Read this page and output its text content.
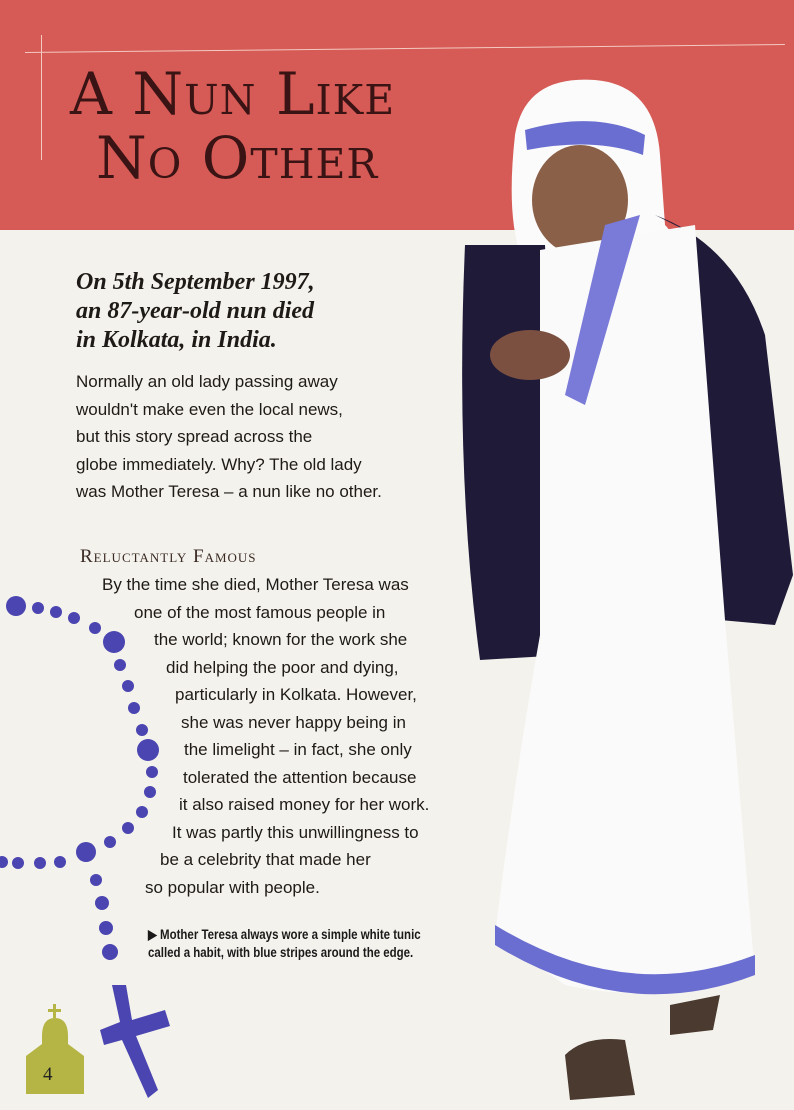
A Nun Like
No Other
On 5th September 1997,
an 87-year-old nun died
in Kolkata, in India.
Normally an old lady passing away
wouldn't make even the local news,
but this story spread across the
globe immediately. Why? The old lady
was Mother Teresa – a nun like no other.
Reluctantly Famous
By the time she died, Mother Teresa was
one of the most famous people in
the world; known for the work she
did helping the poor and dying,
particularly in Kolkata. However,
she was never happy being in
the limelight – in fact, she only
tolerated the attention because
it also raised money for her work.
It was partly this unwillingness to
be a celebrity that made her
so popular with people.
▶ Mother Teresa always wore a simple white tunic
called a habit, with blue stripes around the edge.
4
